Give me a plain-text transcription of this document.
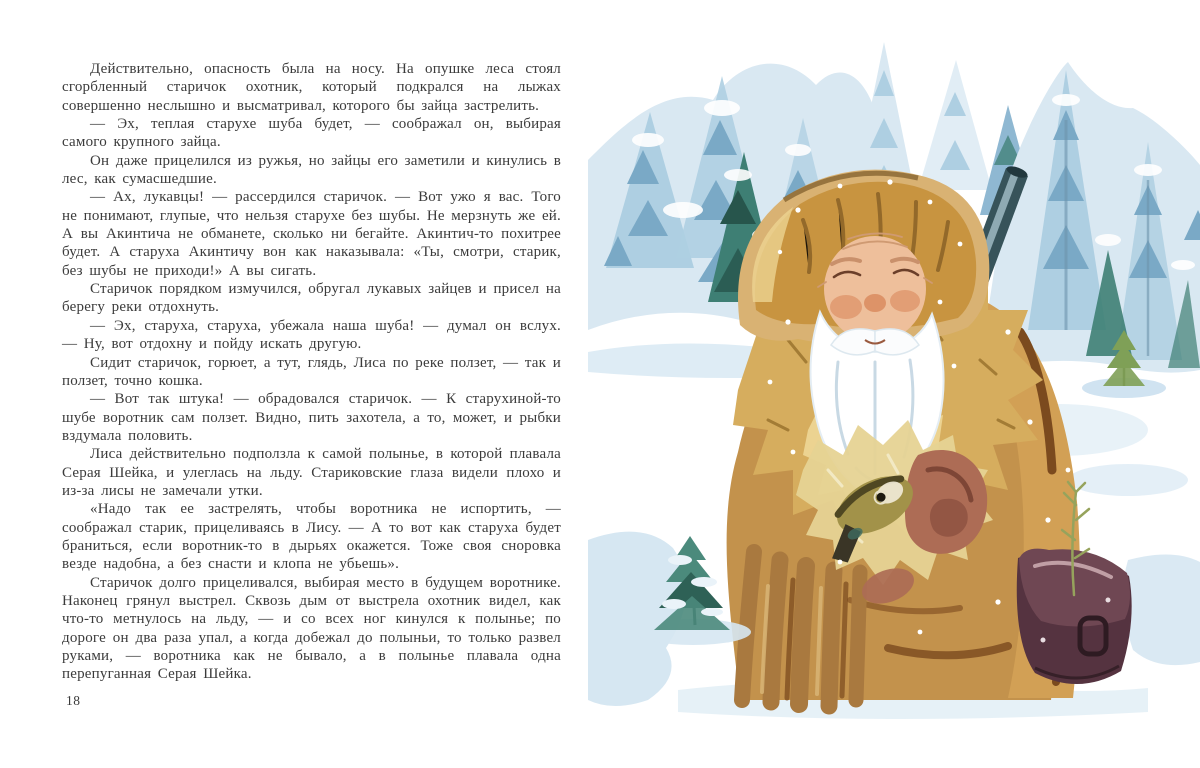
Действительно, опасность была на носу. На опушке леса стоял сгорбленный старичок охотник, который подкрался на лыжах совершенно неслышно и высматривал, которого бы зайца застрелить.

— Эх, теплая старухе шуба будет, — соображал он, выбирая самого крупного зайца.

Он даже прицелился из ружья, но зайцы его заметили и кинулись в лес, как сумасшедшие.

— Ах, лукавцы! — рассердился старичок. — Вот ужо я вас. Того не понимают, глупые, что нельзя старухе без шубы. Не мерзнуть же ей. А вы Акинтича не обманете, сколько ни бегайте. Акинтич-то похитрее будет. А старуха Акинтичу вон как наказывала: «Ты, смотри, старик, без шубы не приходи!» А вы сигать.

Старичок порядком измучился, обругал лукавых зайцев и присел на берегу реки отдохнуть.

— Эх, старуха, старуха, убежала наша шуба! — думал он вслух. — Ну, вот отдохну и пойду искать другую.

Сидит старичок, горюет, а тут, глядь, Лиса по реке ползет, — так и ползет, точно кошка.

— Вот так штука! — обрадовался старичок. — К старухиной-то шубе воротник сам ползет. Видно, пить захотела, а то, может, и рыбки вздумала половить.

Лиса действительно подползла к самой полынье, в которой плавала Серая Шейка, и улеглась на льду. Стариковские глаза видели плохо и из-за лисы не замечали утки.

«Надо так ее застрелять, чтобы воротника не испортить, — соображал старик, прицеливаясь в Лису. — А то вот как старуха будет браниться, если воротник-то в дырьях окажется. Тоже своя сноровка везде надобна, а без снасти и клопа не убьешь».

Старичок долго прицеливался, выбирая место в будущем воротнике. Наконец грянул выстрел. Сквозь дым от выстрела охотник видел, как что-то метнулось на льду, — и со всех ног кинулся к полынье; по дороге он два раза упал, а когда добежал до полыньи, то только развел руками, — воротника как не бывало, а в полынье плавала одна перепуганная Серая Шейка.

18
